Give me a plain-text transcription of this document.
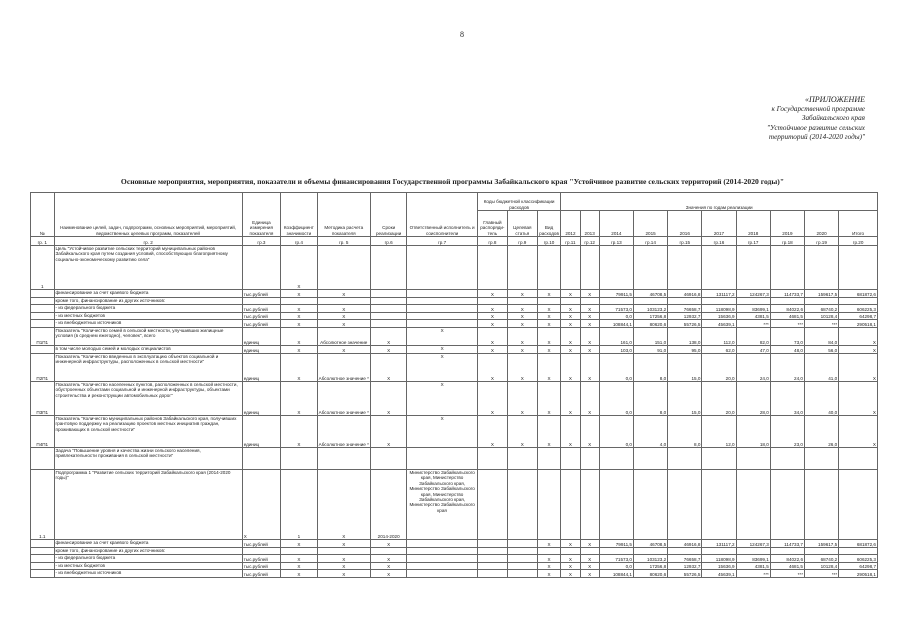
8
«ПРИЛОЖЕНИЕ
к Государственной программе
Забайкальского края
"Устойчивое развитие сельских
территорий (2014-2020 годы)"
Основные мероприятия, мероприятия, показатели и объемы финансирования Государственной программы Забайкальского края "Устойчивое развитие сельских территорий (2014-2020 годы)"
№	Наименование целей, задач, подпрограмм, основных мероприятий, мероприятий, ведомственных целевых программ, показателей	Единица измерения показателя	Коэффициент значимости	Методика расчета показателя	Сроки реализации	Ответственный исполнитель и соисполнители	Коды бюджетной классификации расходов			Значения по годам реализации									
							Главный распоряди-тель	Целевая статья	Вид расходов	2012	2013	2014	2015	2016	2017	2018	2019	2020	Итого
гр. 1	гр. 2	гр.3	гр.4	гр. 5	гр.6	гр.7	гр.8	гр.9	гр.10	гр.11	гр.12	гр.13	гр.14	гр.15	гр.16	гр.17	гр.18	гр.19	гр.20
1	Цель "Устойчивое развитие сельских территорий муниципальных районов Забайкальского края путем создания условий, способствующих благоприятному социально-экономическому развитию села"		X																
	финансирование за счет краевого бюджета	тыс.рублей	X	X			X	X	X	X	X	79911,5	46708,5	46916,8	131117,2	124267,3	114733,7	159617,5	681872,6
	кроме того, финансирование из других источников:																		
	- из федерального бюджета	тыс.рублей	X	X			X	X	X	X	X	71573,0	103123,2	76658,7	118098,9	83699,1	84022,6	68740,2	606225,3
	- из местных бюджетов	тыс.рублей	X	X			X	X	X	X	X	0,0	17256,8	12932,7	15636,9	4381,5	4681,5	10128,4	64298,7
	- из внебюджетных источников	тыс.рублей	X	X			X	X	X	X	X	108844,1	80620,6	55726,5	45639,1	***	***	***	290518,1
П1П1	Показатель "Количество семей в сельской местности, улучшивших жилищные условия (в среднем ежегодно), человек", всего	единиц	X	Абсолютное значение	X	X	X	X	X	X	X	161,0	151,0	138,0	112,0	82,0	73,0	84,0	X
	в том числе молодых семей и молодых специалистов	единиц	X	X	X	X	X	X	X	X	X	103,0	91,0	95,0	62,0	47,0	48,0	56,0	X
П2П1	Показатель "Количество введенных в эксплуатацию объектов социальной и инженерной инфраструктуры, расположенных в сельской местности"	единиц	X	Абсолютное значение *	X	X	X	X	X	X	X	0,0	8,0	15,0	20,0	24,0	24,0	41,0	X
П3П1	Показатель "Количество населенных пунктов, расположенных в сельской местности, обустроенных объектами социальной и инженерной инфраструктуры, объектами строительства и реконструкции автомобильных дорог"	единиц	X	Абсолютное значение *	X	X	X	X	X	X	X	0,0	8,0	15,0	20,0	28,0	34,0	40,0	X
П4П1	Показатель "Количество муниципальных районов Забайкальского края, получивших грантовую поддержку на реализацию проектов местных инициатив граждан, проживающих в сельской местности"	единиц	X	Абсолютное значение *	X	X	X	X	X	X	X	0,0	4,0	8,0	12,0	18,0	23,0	26,0	X
	Задача "Повышение уровня и качества жизни сельского населения, привлекательности проживания в сельской местности"																		
1.1	Подпрограмма 1 "Развитие сельских территорий Забайкальского края (2014-2020 годы)"	X	1	X	2014-2020	Министерство Забайкальского края, Министерство Забайкальского края, Министерство Забайкальского края, Министерство Забайкальского края, Министерство Забайкальского края													
	финансирование за счет краевого бюджета	тыс.рублей	X	X	X				X	X	X	79911,5	46708,5	46916,8	131117,2	124267,3	114733,7	159617,5	681872,6
	кроме того, финансирование из других источников:																		
	- из федерального бюджета	тыс.рублей	X	X	X				X	X	X	71573,0	103123,2	76658,7	118098,9	83699,1	84022,6	68740,2	606225,3
	- из местных бюджетов	тыс.рублей	X	X	X				X	X	X	0,0	17256,8	12932,7	15636,9	4381,5	4681,5	10128,4	64298,7
	- из внебюджетных источников	тыс.рублей	X	X	X				X	X	X	108844,1	80620,6	55726,5	45639,1	***	***	***	290518,1
